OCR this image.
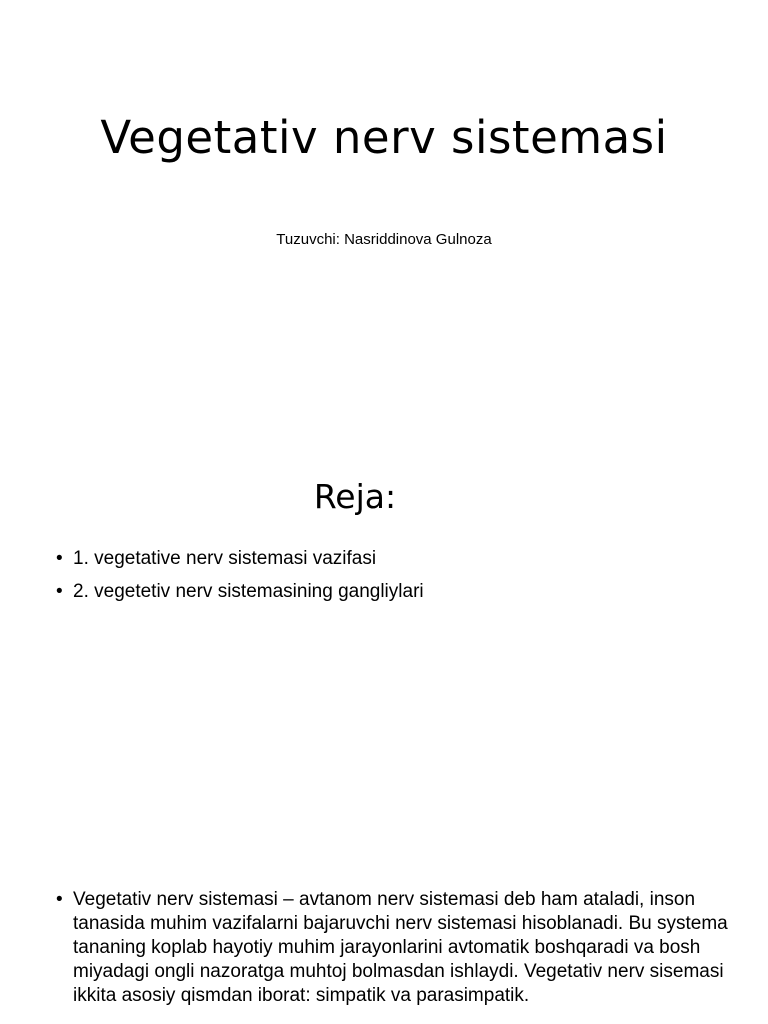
Vegetativ nerv sistemasi
Tuzuvchi: Nasriddinova Gulnoza
Reja:
• 1. vegetative nerv sistemasi vazifasi
• 2. vegetetiv nerv sistemasining gangliylari
• Vegetativ nerv sistemasi – avtanom nerv sistemasi deb ham ataladi, inson tanasida muhim vazifalarni bajaruvchi nerv sistemasi hisoblanadi. Bu systema tananing koplab hayotiy muhim jarayonlarini avtomatik boshqaradi va bosh miyadagi ongli nazoratga muhtoj bolmasdan ishlaydi. Vegetativ nerv sisemasi ikkita asosiy qismdan iborat: simpatik va parasimpatik.
